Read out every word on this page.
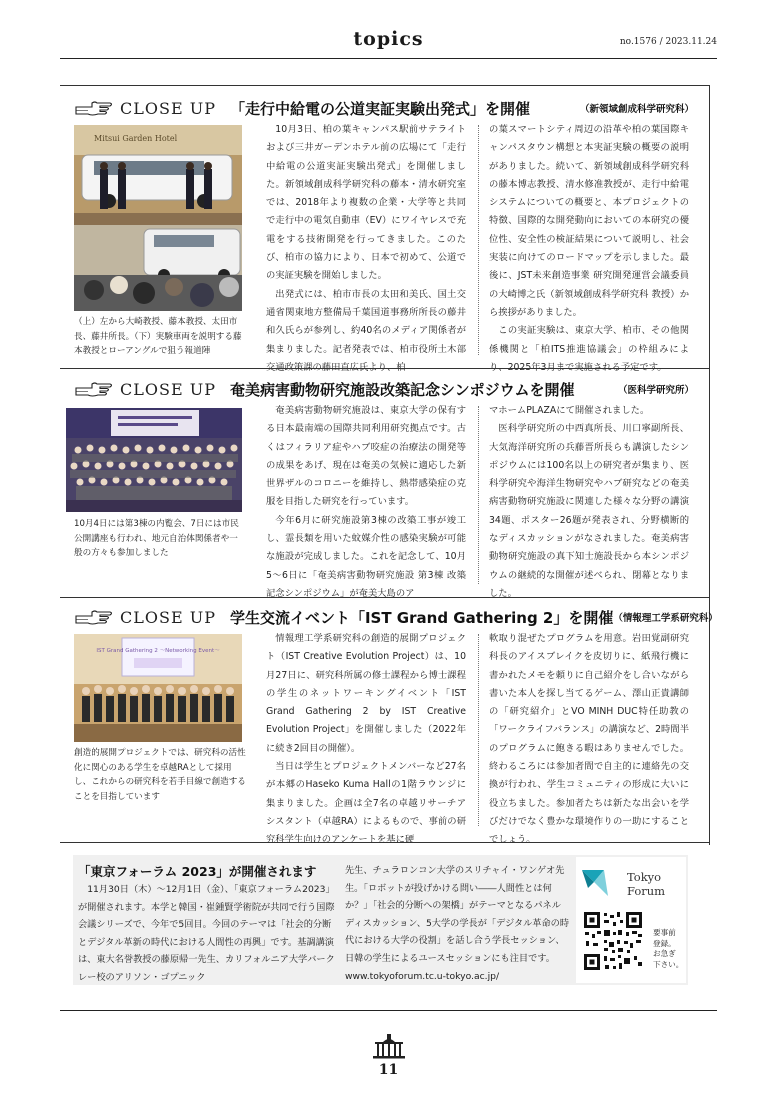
topics	no.1576 / 2023.11.24
CLOSE UP 「走行中給電の公道実証実験出発式」を開催	（新領域創成科学研究科）
Mitsui Garden Hotel
（上）左から大崎教授、藤本教授、太田市長、藤井所長。（下）実験車両を説明する藤本教授とローアングルで狙う報道陣

10月3日、柏の葉キャンパス駅前サテライトおよび三井ガーデンホテル前の広場にて「走行中給電の公道実証実験出発式」を開催しました。新領域創成科学研究科の藤本・清水研究室では、2018年より複数の企業・大学等と共同で走行中の電気自動車（EV）にワイヤレスで充電をする技術開発を行ってきました。このたび、柏市の協力により、日本で初めて、公道での実証実験を開始しました。

出発式には、柏市市長の太田和美氏、国土交通省関東地方整備局千葉国道事務所所長の藤井和久氏らが参列し、約40名のメディア関係者が集まりました。記者発表では、柏市役所土木部交通政策課の藤田直広氏より、柏

の葉スマートシティ周辺の沿革や柏の葉国際キャンパスタウン構想と本実証実験の概要の説明がありました。続いて、新領域創成科学研究科の藤本博志教授、清水修准教授が、走行中給電システムについての概要と、本プロジェクトの特徴、国際的な開発動向においての本研究の優位性、安全性の検証結果について説明し、社会実装に向けてのロードマップを示しました。最後に、JST未来創造事業 研究開発運営会議委員の大崎博之氏（新領域創成科学研究科 教授）から挨拶がありました。

この実証実験は、東京大学、柏市、その他関係機関と「柏ITS推進協議会」の枠組みにより、2025年3月まで実施される予定です。

CLOSE UP 奄美病害動物研究施設改築記念シンポジウムを開催	（医科学研究所）
10月4日には第3棟の内覧会、7日には市民公開講座も行われ、地元自治体関係者や一般の方々も参加しました

奄美病害動物研究施設は、東京大学の保有する日本最南端の国際共同利用研究拠点です。古くはフィラリア症やハブ咬症の治療法の開発等の成果をあげ、現在は奄美の気候に適応した新世界ザルのコロニーを維持し、熱帯感染症の克服を目指した研究を行っています。

今年6月に研究施設第3棟の改築工事が竣工し、霊長類を用いた蚊媒介性の感染実験が可能な施設が完成しました。これを記念して、10月5〜6日に「奄美病害動物研究施設 第3棟 改築記念シンポジウム」が奄美大島のア

マホームPLAZAにて開催されました。

医科学研究所の中西真所長、川口寧副所長、大気海洋研究所の兵藤晋所長らも講演したシンポジウムには100名以上の研究者が集まり、医科学研究や海洋生物研究やハブ研究などの奄美病害動物研究施設に関連した様々な分野の講演34題、ポスター26題が発表され、分野横断的なディスカッションがなされました。奄美病害動物研究施設の真下知士施設長から本シンポジウムの継続的な開催が述べられ、閉幕となりました。

CLOSE UP 学生交流イベント「IST Grand Gathering 2」を開催 （情報理工学系研究科）
IST Grand Gathering 2 ～Networking Event～
創造的展開プロジェクトでは、研究科の活性化に関心のある学生を卓越RAとして採用し、これからの研究科を若手目線で創造することを目指しています

情報理工学系研究科の創造的展開プロジェクト（IST Creative Evolution Project）は、10月27日に、研究科所属の修士課程から博士課程の学生のネットワーキングイベント「IST Grand Gathering 2 by IST Creative Evolution Project」を開催しました（2022年に続き2回目の開催）。

当日は学生とプロジェクトメンバーなど27名が本郷のHaseko Kuma Hallの1階ラウンジに集まりました。企画は全7名の卓越リサーチアシスタント（卓越RA）によるもので、事前の研究科学生向けのアンケートを基に硬

軟取り混ぜたプログラムを用意。岩田覚副研究科長のアイスブレイクを皮切りに、紙飛行機に書かれたメモを頼りに自己紹介をし合いながら書いた本人を探し当てるゲーム、澤山正貴講師の「研究紹介」とVO MINH DUC特任助教の「ワークライフバランス」の講演など、2時間半のプログラムに飽きる暇はありませんでした。終わるころには参加者間で自主的に連絡先の交換が行われ、学生コミュニティの形成に大いに役立ちました。参加者たちは新たな出会いを学びだけでなく豊かな環境作りの一助にすることでしょう。

「東京フォーラム 2023」が開催されます

11月30日（木）〜12月1日（金）、「東京フォーラム2023」が開催されます。本学と韓国・崔鍾賢学術院が共同で行う国際会議シリーズで、今年で5回目。今回のテーマは「社会的分断とデジタル革新の時代における人間性の再興」です。基調講演は、東大名誉教授の藤原帰一先生、カリフォルニア大学バークレー校のアリソン・ゴプニック

先生、チュラロンコン大学のスリチャイ・ワンゲオ先生。「ロボットが投げかける問い――人間性とは何か？」「社会的分断への架橋」がテーマとなるパネルディスカッション、5大学の学長が「デジタル革命の時代における大学の役割」を話し合う学長セッション、日韓の学生によるユースセッションにも注目です。www.tokyoforum.tc.u-tokyo.ac.jp/

Tokyo
Forum
要事前
登録。
お急ぎ
下さい。
11
